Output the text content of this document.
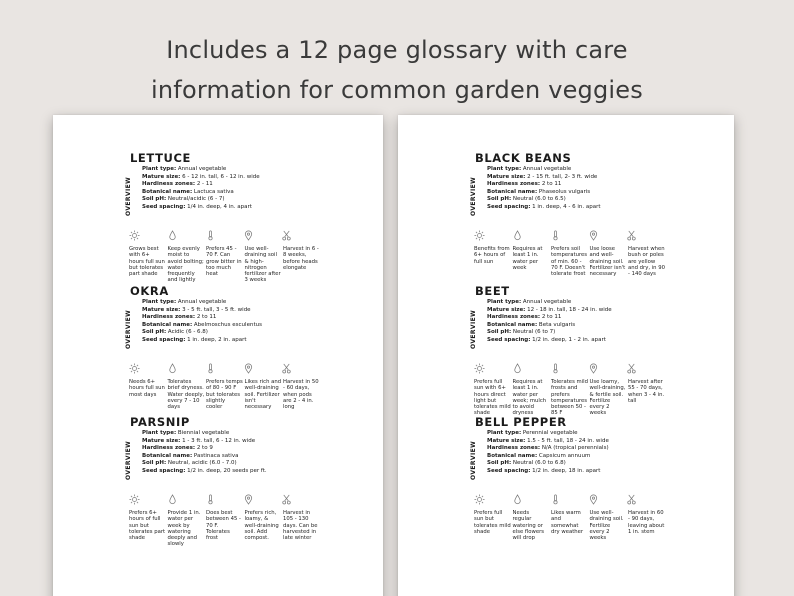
Includes a 12 page glossary with care
information for common garden veggies
LETTUCE
OVERVIEW
Plant type: Annual vegetable
Mature size: 6 - 12 in. tall, 6 - 12 in. wide
Hardiness zones: 2 - 11
Botanical name: Lactuca sativa
Soil pH: Neutral/acidic (6 - 7)
Seed spacing: 1/4 in. deep, 4 in. apart
Grows best with 6+ hours full sun but tolerates part shade
Keep evenly moist to avoid bolting; water frequently and lightly
Prefers 45 - 70 F. Can grow bitter in too much heat
Use well-draining soil & high-nitrogen fertilizer after 3 weeks
Harvest in 6 - 8 weeks, before heads elongate
OKRA
OVERVIEW
Plant type: Annual vegetable
Mature size: 3 - 5 ft. tall, 3 - 5 ft. wide
Hardiness zones: 2 to 11
Botanical name: Abelmoschus esculentus
Soil pH: Acidic (6 - 6.8)
Seed spacing: 1 in. deep, 2 in. apart
Needs 6+ hours full sun most days
Tolerates brief dryness. Water deeply, every 7 - 10 days
Prefers temps of 80 - 90 F but tolerates slightly cooler
Likes rich and well-draining soil. Fertilizer isn't necessary
Harvest in 50 - 60 days, when pods are 2 - 4 in. long
PARSNIP
OVERVIEW
Plant type: Biennial vegetable
Mature size: 1 - 3 ft. tall, 6 - 12 in. wide
Hardiness zones: 2 to 9
Botanical name: Pastinaca sativa
Soil pH: Neutral, acidic (6.0 - 7.0)
Seed spacing: 1/2 in. deep, 20 seeds per ft.
Prefers 6+ hours of full sun but tolerates part shade
Provide 1 in. water per week by watering deeply and slowly
Does best between 45 - 70 F. Tolerates frost
Prefers rich, loamy, & well-draining soil. Add compost.
Harvest in 105 - 130 days. Can be harvested in late winter
BLACK BEANS
OVERVIEW
Plant type: Annual vegetable
Mature size: 2 - 15 ft. tall, 2- 3 ft. wide
Hardiness zones: 2 to 11
Botanical name: Phaseolus vulgaris
Soil pH: Neutral (6.0 to 6.5)
Seed spacing: 1 in. deep, 4 - 6 in. apart
Benefits from 6+ hours of full sun
Requires at least 1 in. water per week
Prefers soil temperatures of min. 60 - 70 F. Doesn't tolerate frost
Use loose and well-draining soil. Fertilizer isn't necessary
Harvest when bush or poles are yellow and dry, in 90 - 140 days
BEET
OVERVIEW
Plant type: Annual vegetable
Mature size: 12 - 18 in. tall, 18 - 24 in. wide
Hardiness zones: 2 to 11
Botanical name: Beta vulgaris
Soil pH: Neutral (6 to 7)
Seed spacing: 1/2 in. deep, 1 - 2 in. apart
Prefers full sun with 6+ hours direct light but tolerates mild shade
Requires at least 1 in. water per week; mulch to avoid dryness
Tolerates mild frosts and prefers temperatures between 50 - 85 F
Use loamy, well-draining, & fertile soil. Fertilize every 2 weeks
Harvest after 55 - 70 days, when 3 - 4 in. tall
BELL PEPPER
OVERVIEW
Plant type: Perennial vegetable
Mature size: 1.5 - 5 ft. tall, 18 - 24 in. wide
Hardiness zones: N/A (tropical perennials)
Botanical name: Capsicum annuum
Soil pH: Neutral (6.0 to 6.8)
Seed spacing: 1/2 in. deep, 18 in. apart
Prefers full sun but tolerates mild shade
Needs regular watering or else flowers will drop
Likes warm and somewhat dry weather
Use well-draining soil. Fertilize every 2 weeks
Harvest in 60 - 90 days, leaving about 1 in. stem
